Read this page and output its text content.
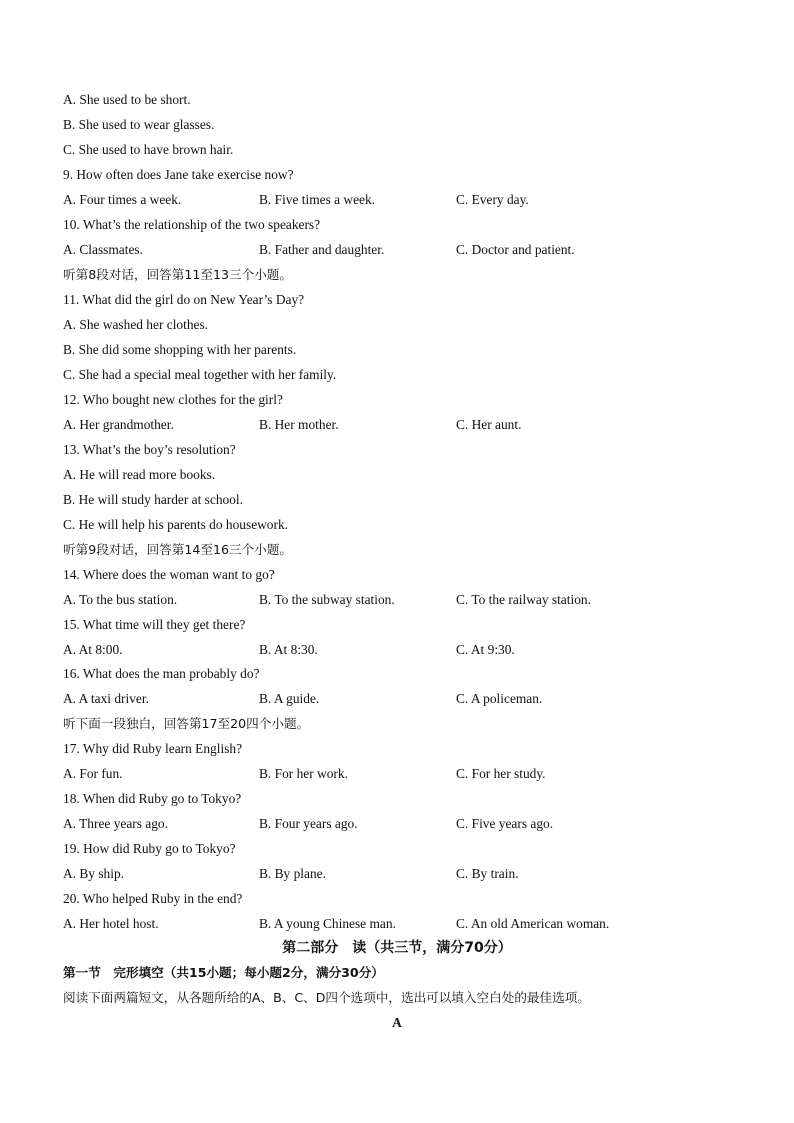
A. She used to be short.
B. She used to wear glasses.
C. She used to have brown hair.
9. How often does Jane take exercise now?
A. Four times a week.	B. Five times a week.	C. Every day.
10. What’s the relationship of the two speakers?
A. Classmates.	B. Father and daughter.	C. Doctor and patient.
听第8段对话，回答第11至13三个小题。
11. What did the girl do on New Year’s Day?
A. She washed her clothes.
B. She did some shopping with her parents.
C. She had a special meal together with her family.
12. Who bought new clothes for the girl?
A. Her grandmother.	B. Her mother.	C. Her aunt.
13. What’s the boy’s resolution?
A. He will read more books.
B. He will study harder at school.
C. He will help his parents do housework.
听第9段对话，回答第14至16三个小题。
14. Where does the woman want to go?
A. To the bus station.	B. To the subway station.	C. To the railway station.
15. What time will they get there?
A. At 8:00.	B. At 8:30.	C. At 9:30.
16. What does the man probably do?
A. A taxi driver.	B. A guide.	C. A policeman.
听下面一段独白，回答第17至20四个小题。
17. Why did Ruby learn English?
A. For fun.	B. For her work.	C. For her study.
18. When did Ruby go to Tokyo?
A. Three years ago.	B. Four years ago.	C. Five years ago.
19. How did Ruby go to Tokyo?
A. By ship.	B. By plane.	C. By train.
20. Who helped Ruby in the end?
A. Her hotel host.	B. A young Chinese man.	C. An old American woman.
第二部分　读（共三节，满分70分）
第一节　完形填空（共15小题；每小题2分，满分30分）
阅读下面两篇短文，从各题所给的A、B、C、D四个选项中，选出可以填入空白处的最佳选项。
A
